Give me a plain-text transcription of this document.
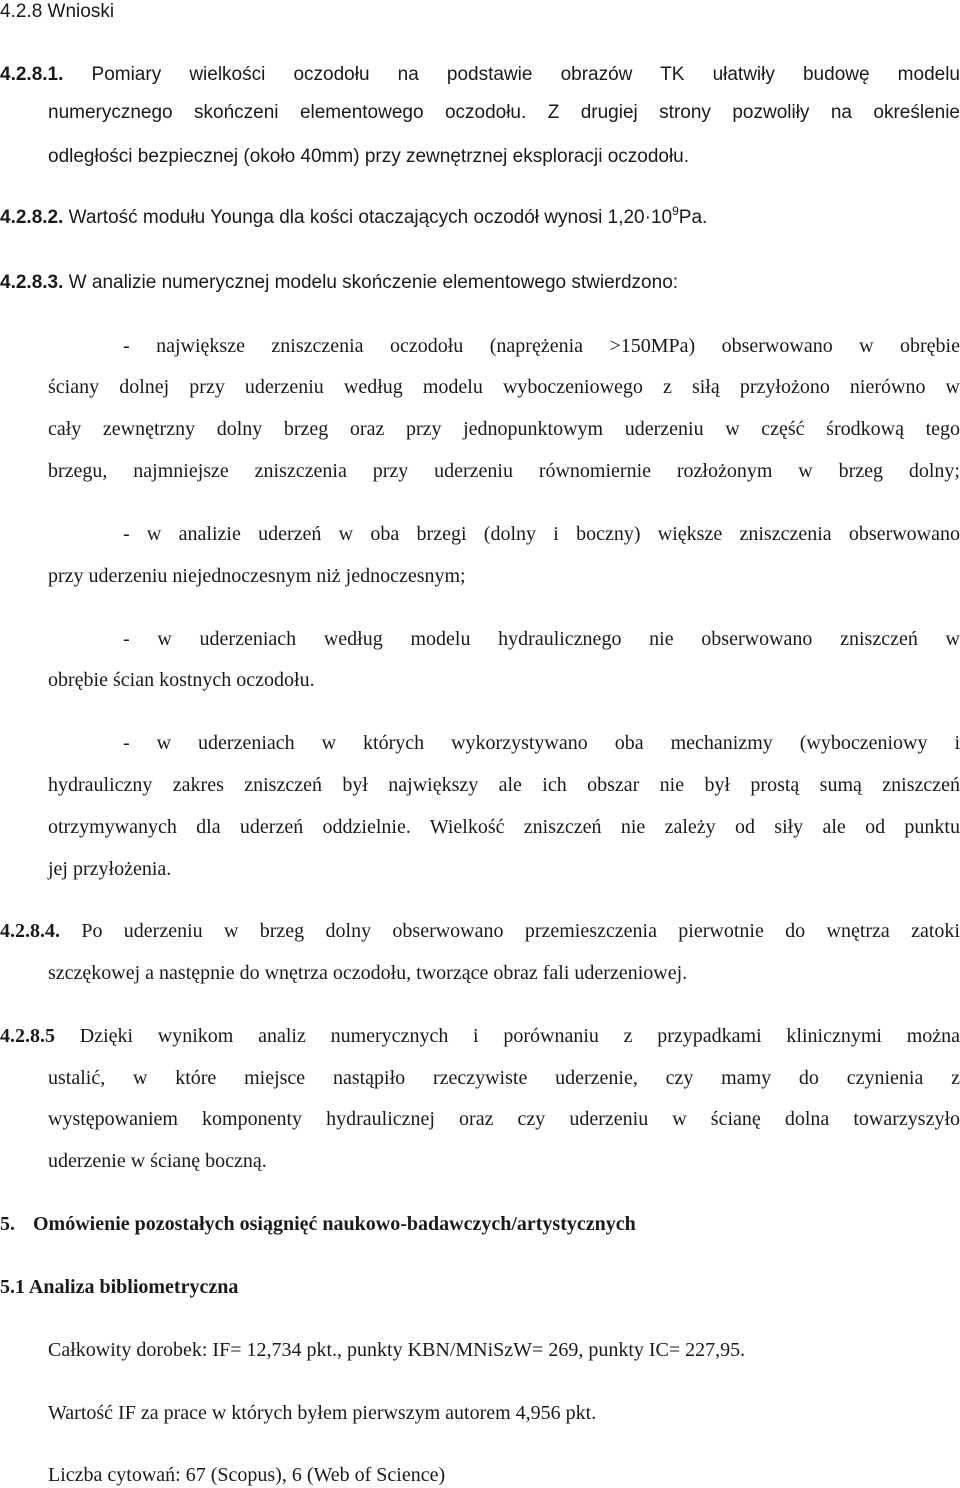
4.2.8 Wnioski
4.2.8.1. Pomiary wielkości oczodołu na podstawie obrazów TK ułatwiły budowę modelu
numerycznego skończeni elementowego oczodołu. Z drugiej strony pozwoliły na określenie
odległości bezpiecznej (około 40mm) przy zewnętrznej eksploracji oczodołu.
4.2.8.2. Wartość modułu Younga dla kości otaczających oczodół wynosi $1,20\cdot 10^9Pa$.
4.2.8.3. W analizie numerycznej modelu skończenie elementowego stwierdzono:
- największe zniszczenia oczodołu (naprężenia >150MPa) obserwowano w obrębie
ściany dolnej przy uderzeniu według modelu wyboczeniowego z siłą przyłożono nierówno w
cały zewnętrzny dolny brzeg oraz przy jednopunktowym uderzeniu w część środkową tego
brzegu, najmniejsze zniszczenia przy uderzeniu równomiernie rozłożonym w brzeg dolny;
- w analizie uderzeń w oba brzegi (dolny i boczny) większe zniszczenia obserwowano
przy uderzeniu niejednoczesnym niż jednoczesnym;
- w uderzeniach według modelu hydraulicznego nie obserwowano zniszczeń w
obrębie ścian kostnych oczodołu.
- w uderzeniach w których wykorzystywano oba mechanizmy (wyboczeniowy i
hydrauliczny zakres zniszczeń był największy ale ich obszar nie był prostą sumą zniszczeń
otrzymywanych dla uderzeń oddzielnie. Wielkość zniszczeń nie zależy od siły ale od punktu
jej przyłożenia.
4.2.8.4. Po uderzeniu w brzeg dolny obserwowano przemieszczenia pierwotnie do wnętrza zatoki
szczękowej a następnie do wnętrza oczodołu, tworzące obraz fali uderzeniowej.
4.2.8.5 Dzięki wynikom analiz numerycznych i porównaniu z przypadkami klinicznymi można
ustalić, w które miejsce nastąpiło rzeczywiste uderzenie, czy mamy do czynienia z
występowaniem komponenty hydraulicznej oraz czy uderzeniu w ścianę dolna towarzyszyło
uderzenie w ścianę boczną.
5. Omówienie pozostałych osiągnięć naukowo-badawczych/artystycznych
5.1 Analiza bibliometryczna
Całkowity dorobek: IF= 12,734 pkt., punkty KBN/MNiSzW= 269, punkty IC= 227,95.
Wartość IF za prace w których byłem pierwszym autorem 4,956 pkt.
Liczba cytowań: 67 (Scopus), 6 (Web of Science)
